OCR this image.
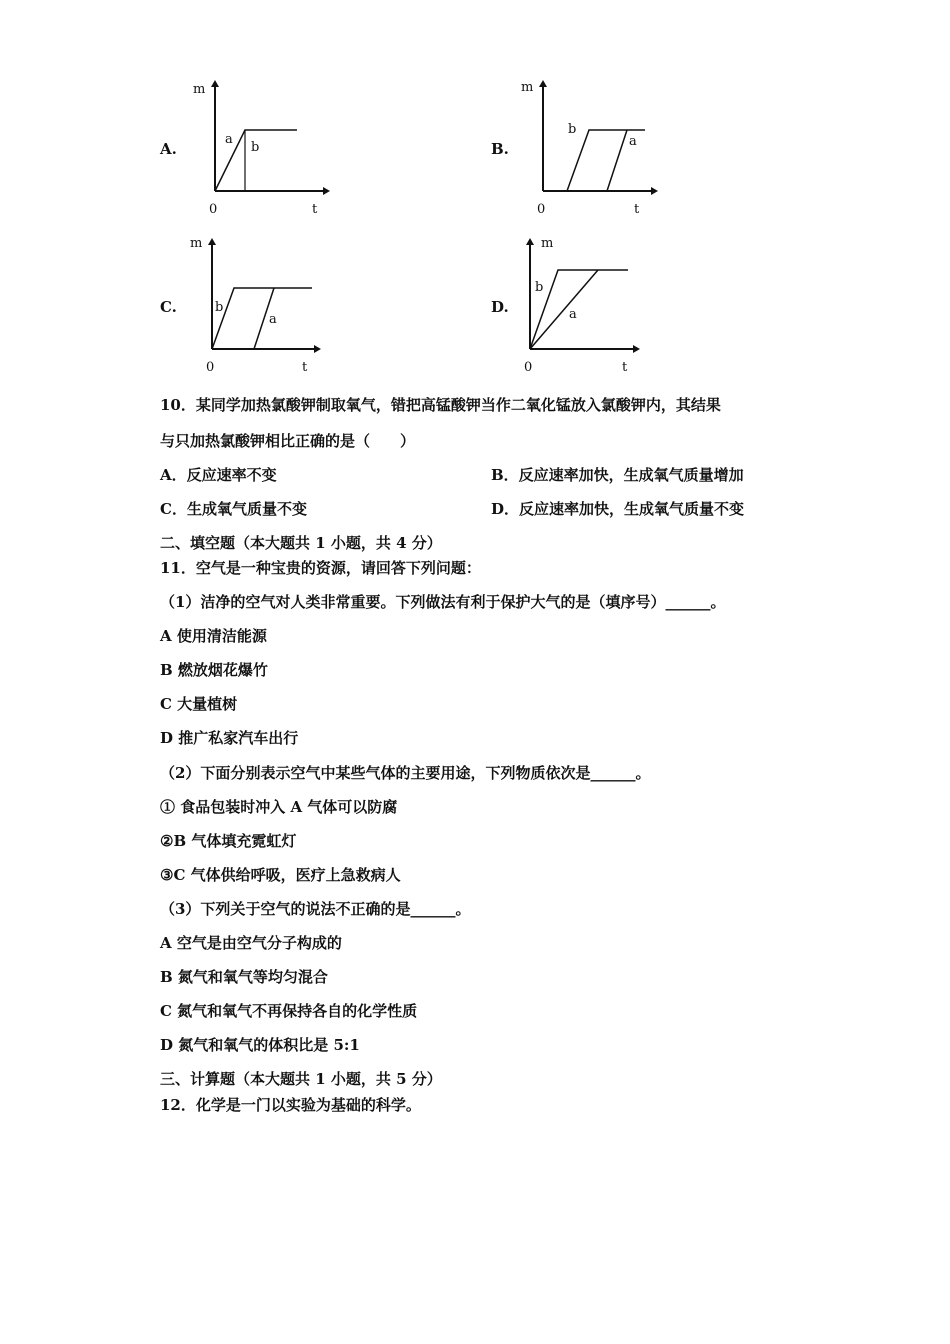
A.
m
t
0
a
b	B.
m
t
0
b
a
C.
m
t
0
b
a
D.
m
t
0
b
a
10．某同学加热氯酸钾制取氧气，错把高锰酸钾当作二氧化锰放入氯酸钾内，其结果
与只加热氯酸钾相比正确的是（　　）
A．反应速率不变	B．反应速率加快，生成氧气质量增加
C．生成氧气质量不变	D．反应速率加快，生成氧气质量不变
二、填空题（本大题共 1 小题，共 4 分）
11．空气是一种宝贵的资源，请回答下列问题：
（1）洁净的空气对人类非常重要。下列做法有利于保护大气的是（填序号）______。
A 使用清洁能源
B 燃放烟花爆竹
C 大量植树
D 推广私家汽车出行
（2）下面分别表示空气中某些气体的主要用途，下列物质依次是______。
① 食品包装时冲入 A 气体可以防腐
②B 气体填充霓虹灯
③C 气体供给呼吸，医疗上急救病人
（3）下列关于空气的说法不正确的是______。
A 空气是由空气分子构成的
B 氮气和氧气等均匀混合
C 氮气和氧气不再保持各自的化学性质
D 氮气和氧气的体积比是 5:1
三、计算题（本大题共 1 小题，共 5 分）
12．化学是一门以实验为基础的科学。
